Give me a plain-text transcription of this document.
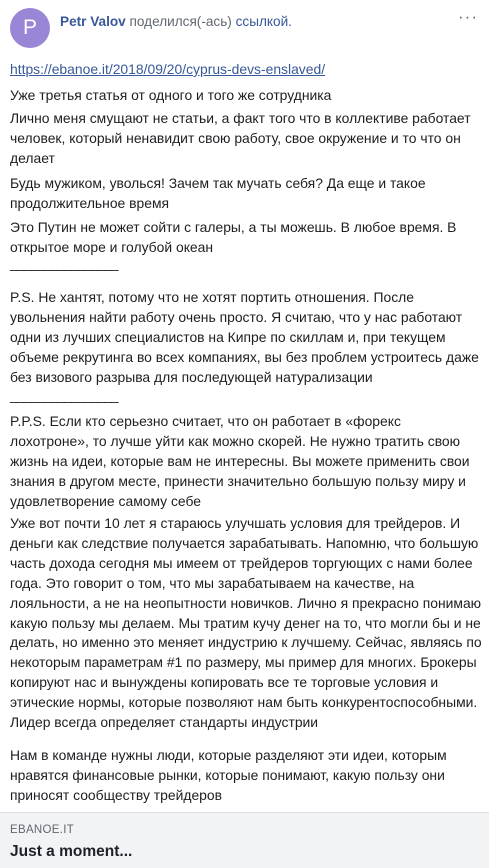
P	Petr Valov поделился(-ась) ссылкой.	···
https://ebanoe.it/2018/09/20/cyprus-devs-enslaved/

Уже третья статья от одного и того же сотрудника

Лично меня смущают не статьи, а факт того что в коллективе работает человек, который ненавидит свою работу, свое окружение и то что он делает

Будь мужиком, уволься! Зачем так мучать себя? Да еще и такое продолжительное время

Это Путин не может сойти с галеры, а ты можешь. В любое время. В открытое море и голубой океан

________________

P.S. Не хантят, потому что не хотят портить отношения. После увольнения найти работу очень просто. Я считаю, что у нас работают одни из лучших специалистов на Кипре по скиллам и, при текущем объеме рекрутинга во всех компаниях, вы без проблем устроитесь даже без визового разрыва для последующей натурализации

________________

P.P.S. Если кто серьезно считает, что он работает в «форекс лохотроне», то лучше уйти как можно скорей. Не нужно тратить свою жизнь на идеи, которые вам не интересны. Вы можете применить свои знания в другом месте, принести значительно большую пользу миру и удовлетворение самому себе

Уже вот почти 10 лет я стараюсь улучшать условия для трейдеров. И деньги как следствие получается зарабатывать. Напомню, что большую часть дохода сегодня мы имеем от трейдеров торгующих с нами более года. Это говорит о том, что мы зарабатываем на качестве, на лояльности, а не на неопытности новичков. Лично я прекрасно понимаю какую пользу мы делаем. Мы тратим кучу денег на то, что могли бы и не делать, но именно это меняет индустрию к лучшему. Сейчас, являясь по некоторым параметрам #1 по размеру, мы пример для многих. Брокеры копируют нас и вынуждены копировать все те торговые условия и этические нормы, которые позволяют нам быть конкурентоспособными. Лидер всегда определяет стандарты индустрии

Нам в команде нужны люди, которые разделяют эти идеи, которым нравятся финансовые рынки, которые понимают, какую пользу они приносят сообществу трейдеров

EBANOE.IT
Just a moment...
